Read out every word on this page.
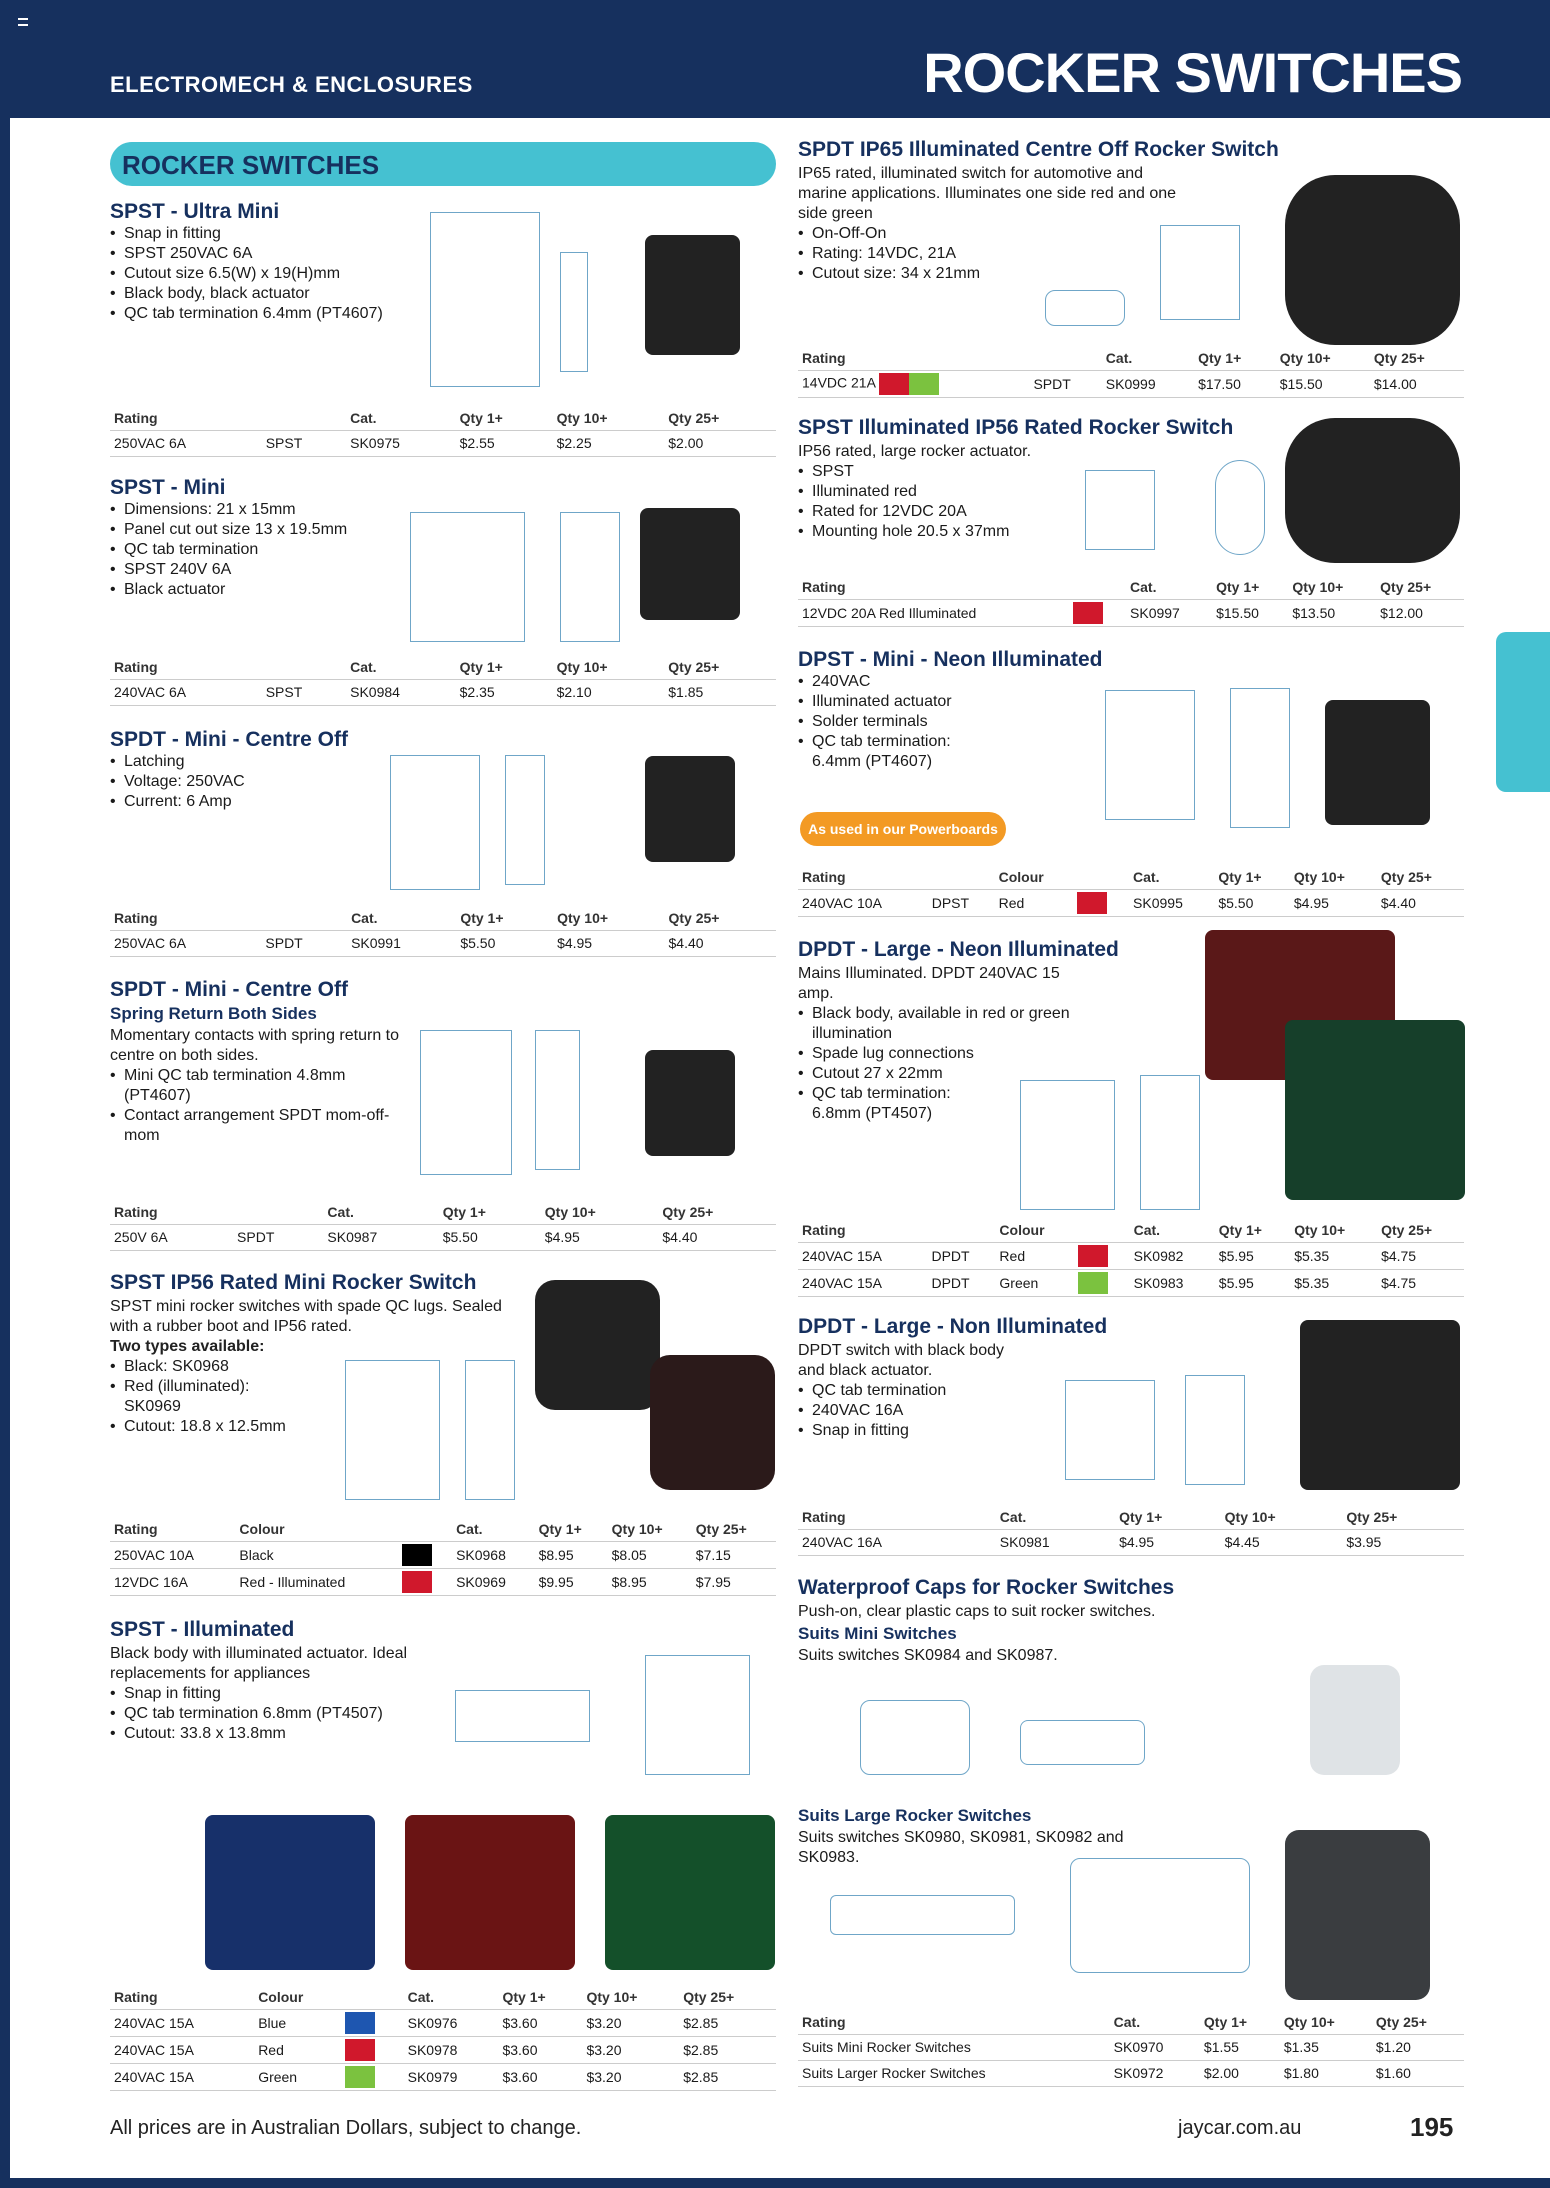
ELECTROMECH & ENCLOSURES	ROCKER SWITCHES
ROCKER SWITCHES
SPST - Ultra Mini
• Snap in fitting
• SPST 250VAC 6A
• Cutout size 6.5(W) x 19(H)mm
• Black body, black actuator
• QC tab termination 6.4mm (PT4607)
Rating		Cat.	Qty 1+	Qty 10+	Qty 25+
250VAC 6A	SPST	SK0975	$2.55	$2.25	$2.00
SPST - Mini
• Dimensions: 21 x 15mm
• Panel cut out size 13 x 19.5mm
• QC tab termination
• SPST 240V 6A
• Black actuator
Rating		Cat.	Qty 1+	Qty 10+	Qty 25+
240VAC 6A	SPST	SK0984	$2.35	$2.10	$1.85
SPDT - Mini - Centre Off
• Latching
• Voltage: 250VAC
• Current: 6 Amp
Rating		Cat.	Qty 1+	Qty 10+	Qty 25+
250VAC 6A	SPDT	SK0991	$5.50	$4.95	$4.40
SPDT - Mini - Centre Off
Spring Return Both Sides
Momentary contacts with spring return to centre on both sides.
• Mini QC tab termination 4.8mm (PT4607)
• Contact arrangement SPDT mom-off-mom
Rating		Cat.	Qty 1+	Qty 10+	Qty 25+
250V 6A	SPDT	SK0987	$5.50	$4.95	$4.40
SPST IP56 Rated Mini Rocker Switch
SPST mini rocker switches with spade QC lugs. Sealed with a rubber boot and IP56 rated.
Two types available:
• Black: SK0968
• Red (illuminated): SK0969
• Cutout: 18.8 x 12.5mm
Rating	Colour		Cat.	Qty 1+	Qty 10+	Qty 25+
250VAC 10A	Black		SK0968	$8.95	$8.05	$7.15
12VDC 16A	Red - Illuminated		SK0969	$9.95	$8.95	$7.95
SPST - Illuminated
Black body with illuminated actuator. Ideal replacements for appliances
• Snap in fitting
• QC tab termination 6.8mm (PT4507)
• Cutout: 33.8 x 13.8mm
Rating	Colour		Cat.	Qty 1+	Qty 10+	Qty 25+
240VAC 15A	Blue		SK0976	$3.60	$3.20	$2.85
240VAC 15A	Red		SK0978	$3.60	$3.20	$2.85
240VAC 15A	Green		SK0979	$3.60	$3.20	$2.85
SPDT IP65 Illuminated Centre Off Rocker Switch
IP65 rated, illuminated switch for automotive and marine applications. Illuminates one side red and one side green
• On-Off-On
• Rating: 14VDC, 21A
• Cutout size: 34 x 21mm
Rating		Cat.	Qty 1+	Qty 10+	Qty 25+
14VDC 21A	SPDT	SK0999	$17.50	$15.50	$14.00
SPST Illuminated IP56 Rated Rocker Switch
IP56 rated, large rocker actuator.
• SPST
• Illuminated red
• Rated for 12VDC 20A
• Mounting hole 20.5 x 37mm
Rating		Cat.	Qty 1+	Qty 10+	Qty 25+
12VDC 20A Red Illuminated		SK0997	$15.50	$13.50	$12.00
DPST - Mini - Neon Illuminated
• 240VAC
• Illuminated actuator
• Solder terminals
• QC tab termination: 6.4mm (PT4607)
As used in our Powerboards
Rating		Colour		Cat.	Qty 1+	Qty 10+	Qty 25+
240VAC 10A	DPST	Red		SK0995	$5.50	$4.95	$4.40
DPDT - Large - Neon Illuminated
Mains Illuminated. DPDT 240VAC 15 amp.
• Black body, available in red or green illumination
• Spade lug connections
• Cutout 27 x 22mm
• QC tab termination: 6.8mm (PT4507)
Rating		Colour		Cat.	Qty 1+	Qty 10+	Qty 25+
240VAC 15A	DPDT	Red		SK0982	$5.95	$5.35	$4.75
240VAC 15A	DPDT	Green		SK0983	$5.95	$5.35	$4.75
DPDT - Large - Non Illuminated
DPDT switch with black body and black actuator.
• QC tab termination
• 240VAC 16A
• Snap in fitting
Rating		Cat.	Qty 1+	Qty 10+	Qty 25+
240VAC 16A		SK0981	$4.95	$4.45	$3.95
Waterproof Caps for Rocker Switches
Push-on, clear plastic caps to suit rocker switches.
Suits Mini Switches
Suits switches SK0984 and SK0987.
Suits Large Rocker Switches
Suits switches SK0980, SK0981, SK0982 and SK0983.
Rating		Cat.	Qty 1+	Qty 10+	Qty 25+
Suits Mini Rocker Switches		SK0970	$1.55	$1.35	$1.20
Suits Larger Rocker Switches		SK0972	$2.00	$1.80	$1.60
All prices are in Australian Dollars, subject to change.	jaycar.com.au	195
